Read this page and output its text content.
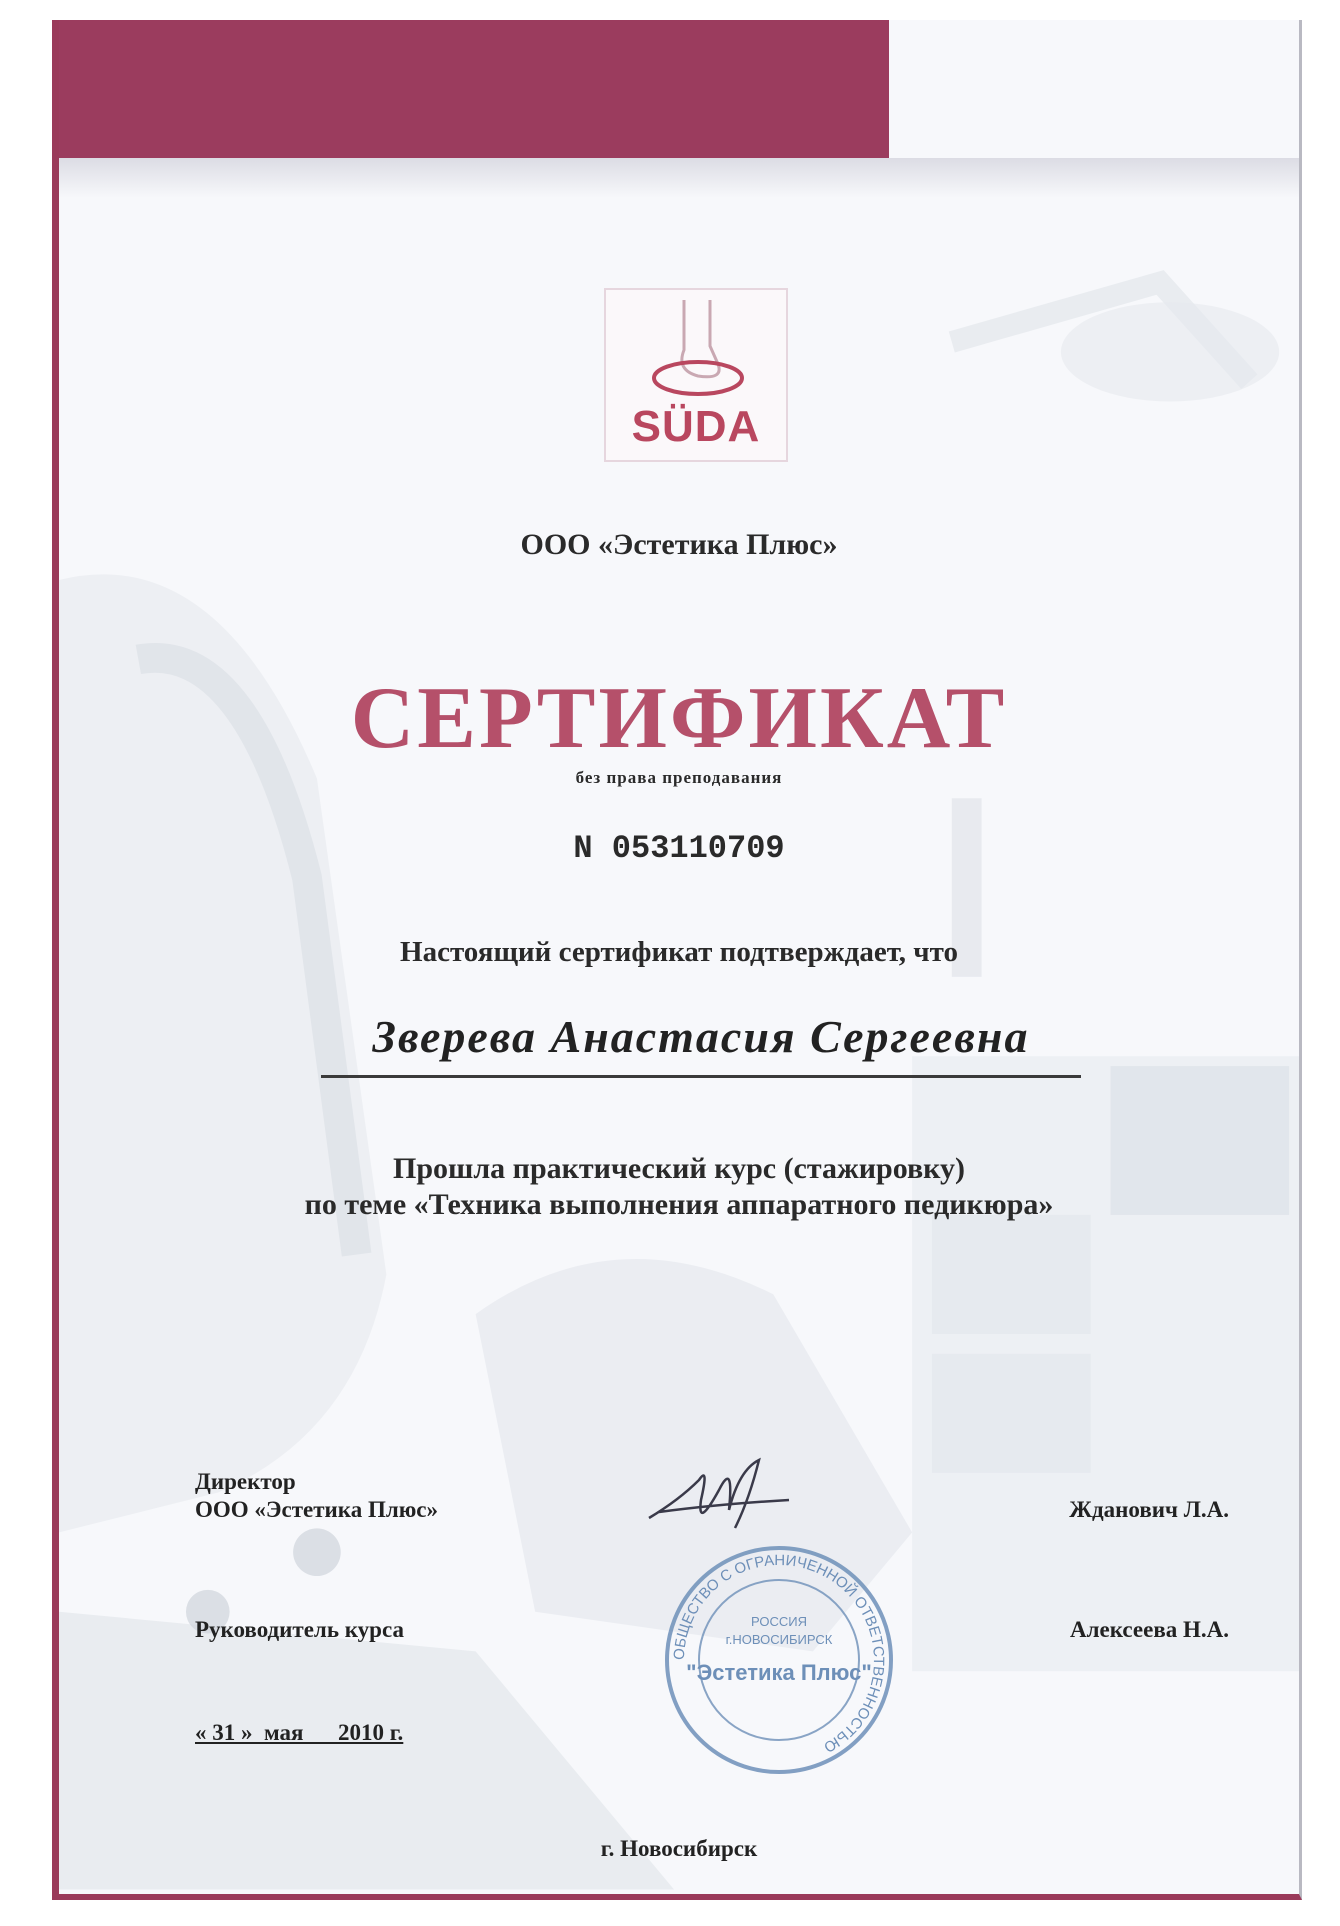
SÜDA
ООО «Эстетика Плюс»
СЕРТИФИКАТ
без права преподавания
N 053110709
Настоящий сертификат подтверждает, что
Зверева Анастасия Сергеевна
Прошла практический курс (стажировку)
по теме «Техника выполнения аппаратного педикюра»
Директор
ООО «Эстетика Плюс»	Жданович Л.А.
Руководитель курса	Алексеева Н.А.
ОБЩЕСТВО С ОГРАНИЧЕННОЙ ОТВЕТСТВЕННОСТЬЮ
РОССИЯ
г.НОВОСИБИРСК
"Эстетика Плюс"
« 31 »  мая      2010 г.
г. Новосибирск
